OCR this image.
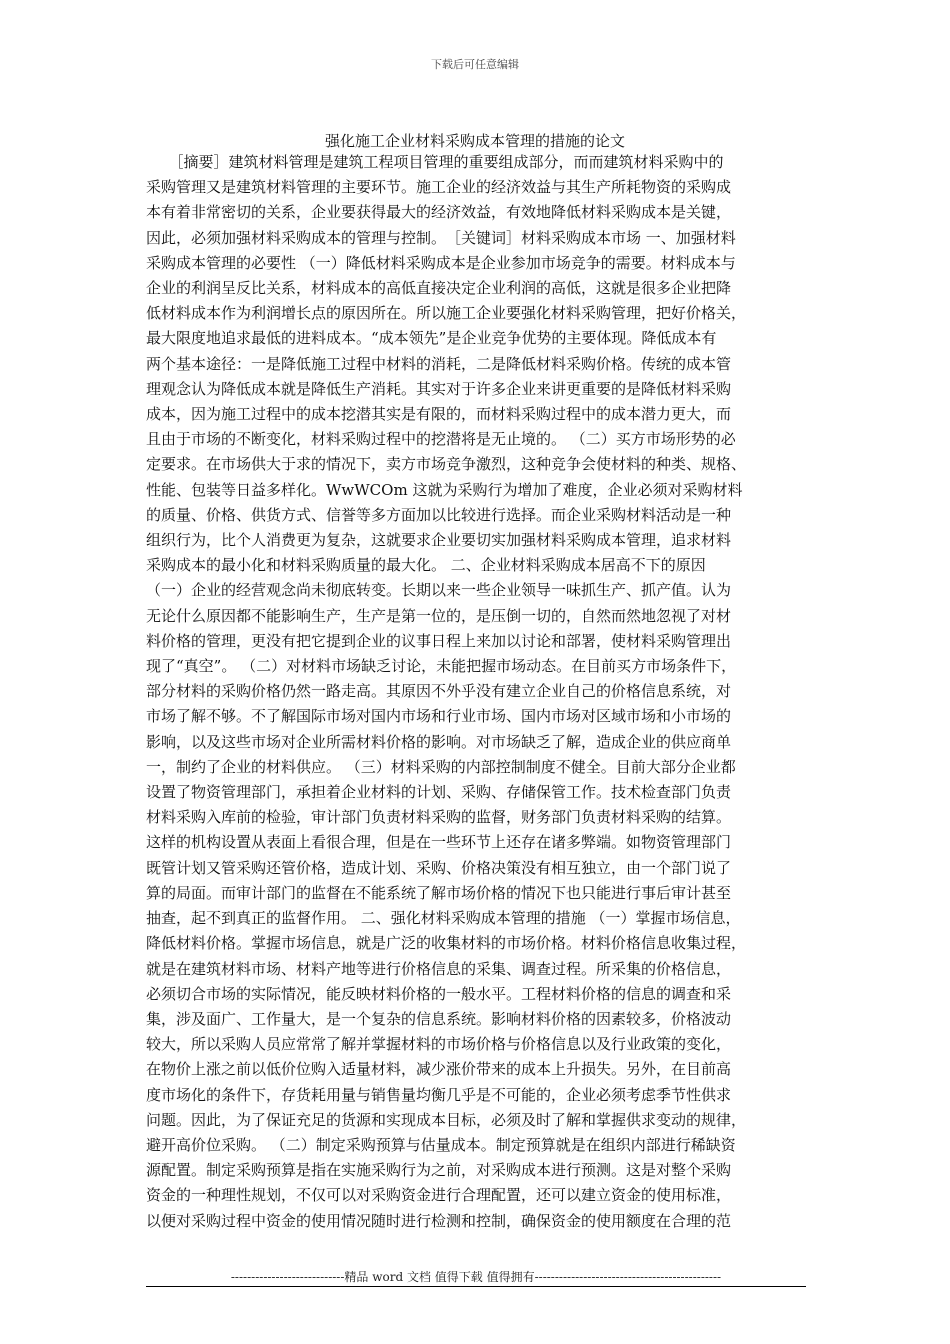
下载后可任意编辑
强化施工企业材料采购成本管理的措施的论文
　　［摘要］建筑材料管理是建筑工程项目管理的重要组成部分，而而建筑材料采购中的
采购管理又是建筑材料管理的主要环节。施工企业的经济效益与其生产所耗物资的采购成
本有着非常密切的关系，企业要获得最大的经济效益，有效地降低材料采购成本是关键，
因此，必须加强材料采购成本的管理与控制。　［关键词］材料采购成本市场 一、加强材料
采购成本管理的必要性 （一）降低材料采购成本是企业参加市场竞争的需要。材料成本与
企业的利润呈反比关系，材料成本的高低直接决定企业利润的高低，这就是很多企业把降
低材料成本作为利润增长点的原因所在。所以施工企业要强化材料采购管理，把好价格关，
最大限度地追求最低的进料成本。“成本领先”是企业竞争优势的主要体现。降低成本有
两个基本途径：一是降低施工过程中材料的消耗，二是降低材料采购价格。传统的成本管
理观念认为降低成本就是降低生产消耗。其实对于许多企业来讲更重要的是降低材料采购
成本，因为施工过程中的成本挖潜其实是有限的，而材料采购过程中的成本潜力更大，而
且由于市场的不断变化，材料采购过程中的挖潜将是无止境的。 （二）买方市场形势的必
定要求。在市场供大于求的情况下，卖方市场竞争激烈，这种竞争会使材料的种类、规格、
性能、包装等日益多样化。WwWCOm 这就为采购行为增加了难度，企业必须对采购材料
的质量、价格、供货方式、信誉等多方面加以比较进行选择。而企业采购材料活动是一种
组织行为，比个人消费更为复杂，这就要求企业要切实加强材料采购成本管理，追求材料
采购成本的最小化和材料采购质量的最大化。 二、企业材料采购成本居高不下的原因
（一）企业的经营观念尚未彻底转变。长期以来一些企业领导一味抓生产、抓产值。认为
无论什么原因都不能影响生产，生产是第一位的，是压倒一切的，自然而然地忽视了对材
料价格的管理，更没有把它提到企业的议事日程上来加以讨论和部署，使材料采购管理出
现了“真空”。 （二）对材料市场缺乏讨论，未能把握市场动态。在目前买方市场条件下，
部分材料的采购价格仍然一路走高。其原因不外乎没有建立企业自己的价格信息系统，对
市场了解不够。不了解国际市场对国内市场和行业市场、国内市场对区域市场和小市场的
影响，以及这些市场对企业所需材料价格的影响。对市场缺乏了解，造成企业的供应商单
一，制约了企业的材料供应。 （三）材料采购的内部控制制度不健全。目前大部分企业都
设置了物资管理部门，承担着企业材料的计划、采购、存储保管工作。技术检查部门负责
材料采购入库前的检验，审计部门负责材料采购的监督，财务部门负责材料采购的结算。
这样的机构设置从表面上看很合理，但是在一些环节上还存在诸多弊端。如物资管理部门
既管计划又管采购还管价格，造成计划、采购、价格决策没有相互独立，由一个部门说了
算的局面。而审计部门的监督在不能系统了解市场价格的情况下也只能进行事后审计甚至
抽查，起不到真正的监督作用。 二、强化材料采购成本管理的措施 （一）掌握市场信息，
降低材料价格。掌握市场信息，就是广泛的收集材料的市场价格。材料价格信息收集过程，
就是在建筑材料市场、材料产地等进行价格信息的采集、调查过程。所采集的价格信息，
必须切合市场的实际情况，能反映材料价格的一般水平。工程材料价格的信息的调查和采
集，涉及面广、工作量大，是一个复杂的信息系统。影响材料价格的因素较多，价格波动
较大，所以采购人员应常常了解并掌握材料的市场价格与价格信息以及行业政策的变化，
在物价上涨之前以低价位购入适量材料，减少涨价带来的成本上升损失。另外，在目前高
度市场化的条件下，存货耗用量与销售量均衡几乎是不可能的，企业必须考虑季节性供求
问题。因此，为了保证充足的货源和实现成本目标，必须及时了解和掌握供求变动的规律，
避开高价位采购。 （二）制定采购预算与估量成本。制定预算就是在组织内部进行稀缺资
源配置。制定采购预算是指在实施采购行为之前，对采购成本进行预测。这是对整个采购
资金的一种理性规划，不仅可以对采购资金进行合理配置，还可以建立资金的使用标准，
以便对采购过程中资金的使用情况随时进行检测和控制，确保资金的使用额度在合理的范
----------------------------精品 word 文档 值得下载 值得拥有----------------------------------------------
